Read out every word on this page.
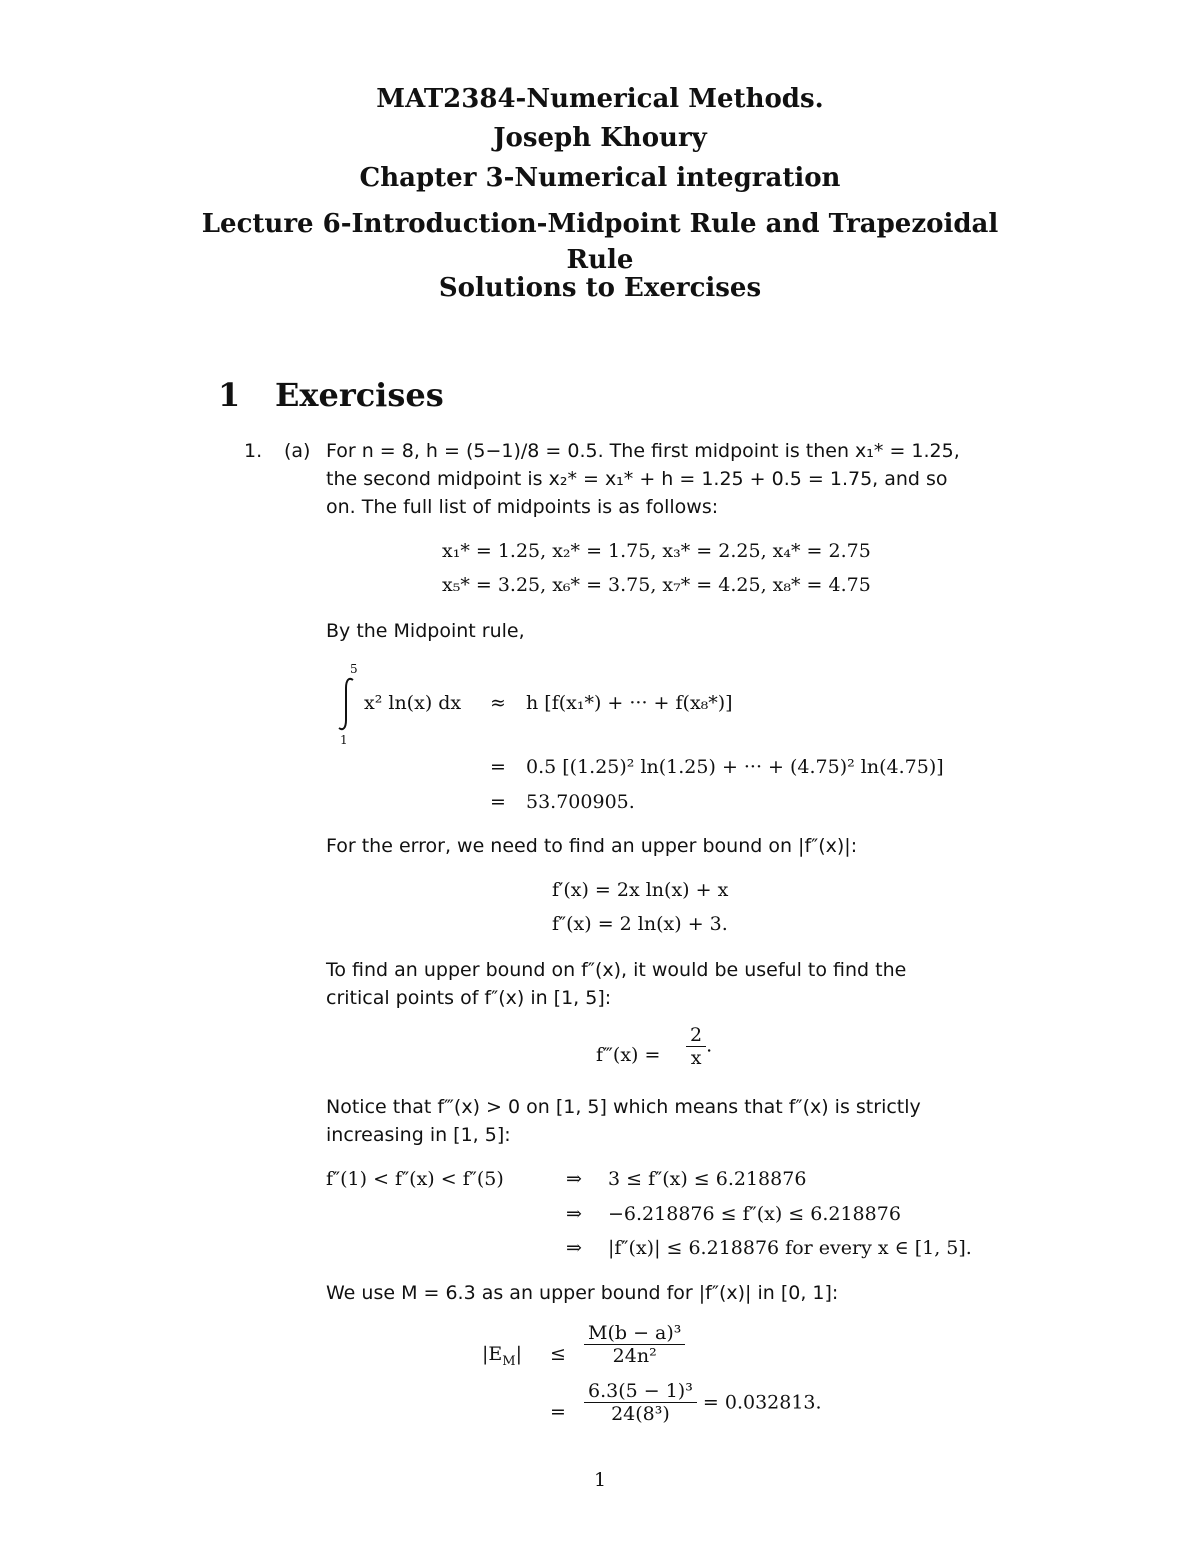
MAT2384-Numerical Methods.
Joseph Khoury
Chapter 3-Numerical integration
Lecture 6-Introduction-Midpoint Rule and Trapezoidal
Rule
Solutions to Exercises
1 Exercises
1. (a) For n = 8, h = (5−1)/8 = 0.5. The first midpoint is then x₁* = 1.25,
the second midpoint is x₂* = x₁* + h = 1.25 + 0.5 = 1.75, and so
on. The full list of midpoints is as follows:
x₁* = 1.25, x₂* = 1.75, x₃* = 2.25, x₄* = 2.75
x₅* = 3.25, x₆* = 3.75, x₇* = 4.25, x₈* = 4.75
By the Midpoint rule,
5
1
x² ln(x) dx ≈ h [f(x₁*) + ··· + f(x₈*)]
= 0.5 [(1.25)² ln(1.25) + ··· + (4.75)² ln(4.75)]
= 53.700905.
For the error, we need to find an upper bound on |f″(x)|:
f′(x) = 2x ln(x) + x
f″(x) = 2 ln(x) + 3.
To find an upper bound on f″(x), it would be useful to find the
critical points of f″(x) in [1, 5]:
f‴(x) = $\frac{2}{x}$ .
Notice that f‴(x) > 0 on [1, 5] which means that f″(x) is strictly
increasing in [1, 5]:
f″(1) < f″(x) < f″(5)	⇒ 3 ≤ f″(x) ≤ 6.218876
⇒ −6.218876 ≤ f″(x) ≤ 6.218876
⇒ |f″(x)| ≤ 6.218876 for every x ∈ [1, 5].
We use M = 6.3 as an upper bound for |f″(x)| in [0, 1]:
$|E_M| \le \frac{\text{M(b − a)³}}{\text{24n²}}$
= $\frac{\text{6.3(5 − 1)³}}{\text{24(8³)}} = 0.032813$.
1
